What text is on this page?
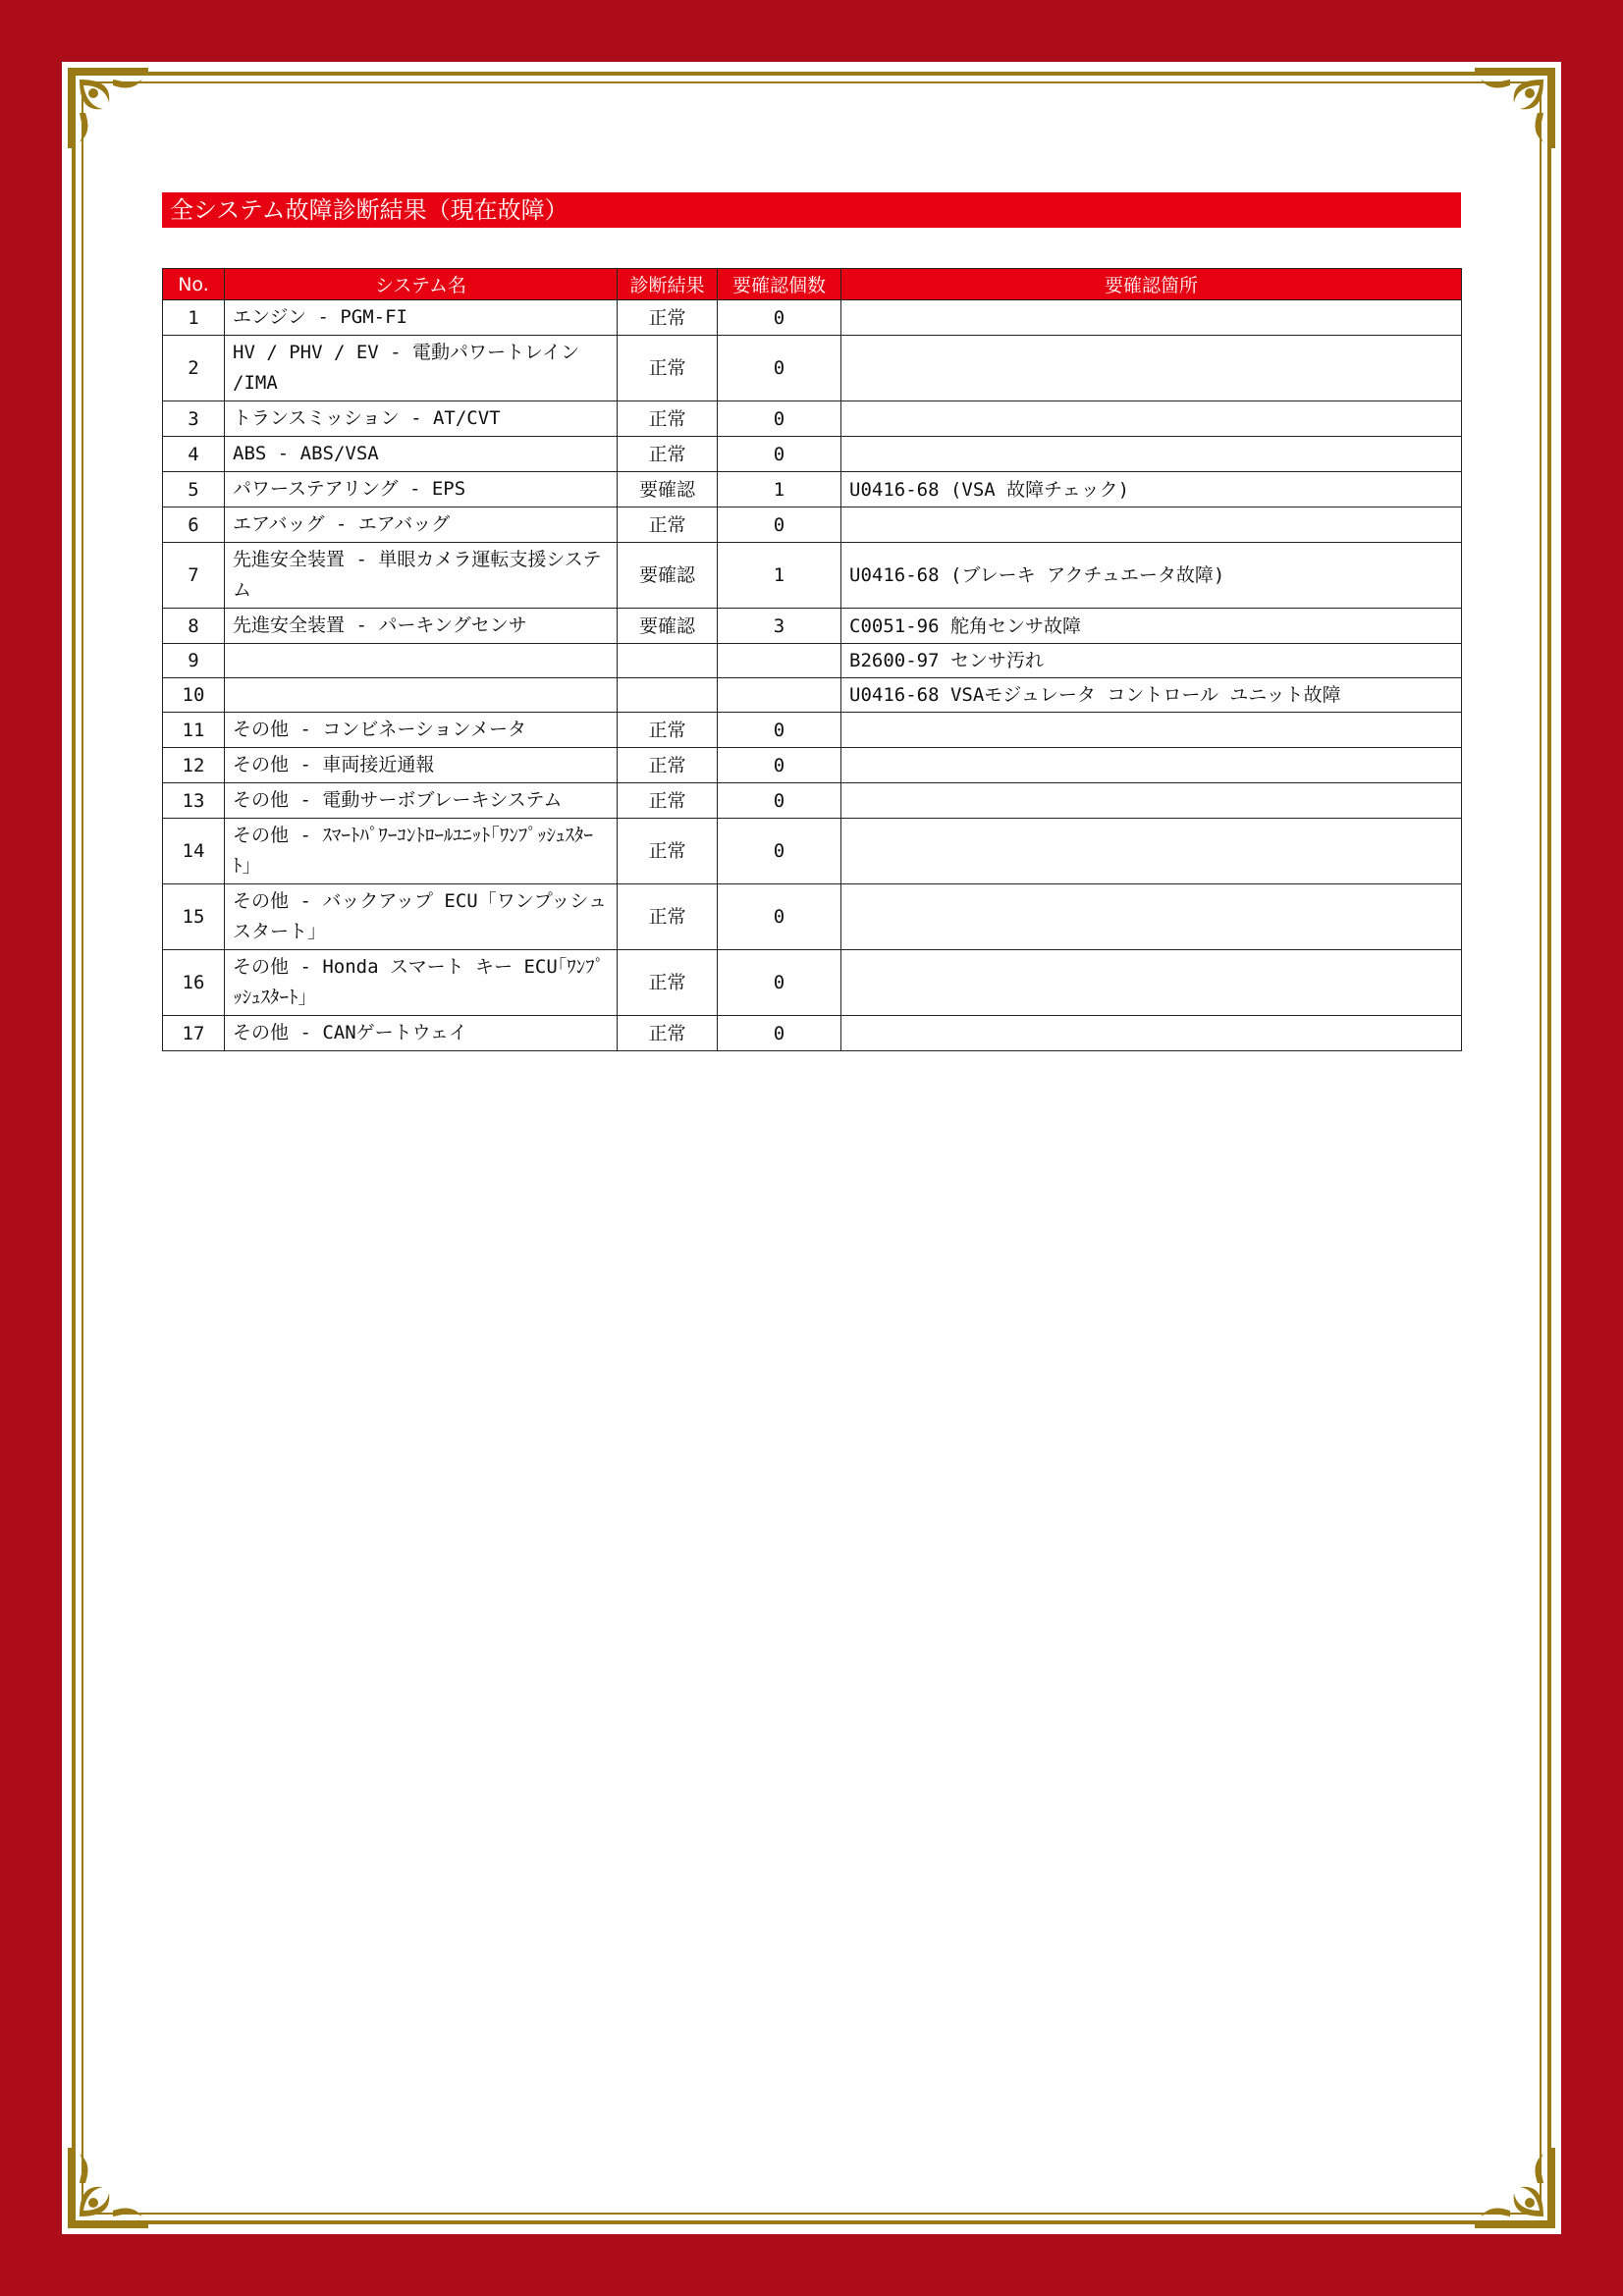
全システム故障診断結果（現在故障）
No.	システム名	診断結果	要確認個数	要確認箇所
1	エンジン - PGM-FI	正常	0	
2	HV / PHV / EV - 電動パワートレイン /IMA	正常	0	
3	トランスミッション - AT/CVT	正常	0	
4	ABS - ABS/VSA	正常	0	
5	パワーステアリング - EPS	要確認	1	U0416-68 (VSA 故障チェック)
6	エアバッグ - エアバッグ	正常	0	
7	先進安全装置 - 単眼カメラ運転支援システム	要確認	1	U0416-68 (ブレーキ アクチュエータ故障)
8	先進安全装置 - パーキングセンサ	要確認	3	C0051-96 舵角センサ故障
9				B2600-97 センサ汚れ
10				U0416-68 VSAモジュレータ コントロール ユニット故障
11	その他 - コンビネーションメータ	正常	0	
12	その他 - 車両接近通報	正常	0	
13	その他 - 電動サーボブレーキシステム	正常	0	
14	その他 - ｽﾏｰﾄﾊﾟﾜｰｺﾝﾄﾛｰﾙﾕﾆｯﾄ｢ﾜﾝﾌﾟｯｼｭｽﾀｰﾄ｣	正常	0	
15	その他 - バックアップ ECU「ワンプッシュスタート」	正常	0	
16	その他 - Honda スマート キー ECU｢ﾜﾝﾌﾟｯｼｭｽﾀｰﾄ｣	正常	0	
17	その他 - CANゲートウェイ	正常	0	
